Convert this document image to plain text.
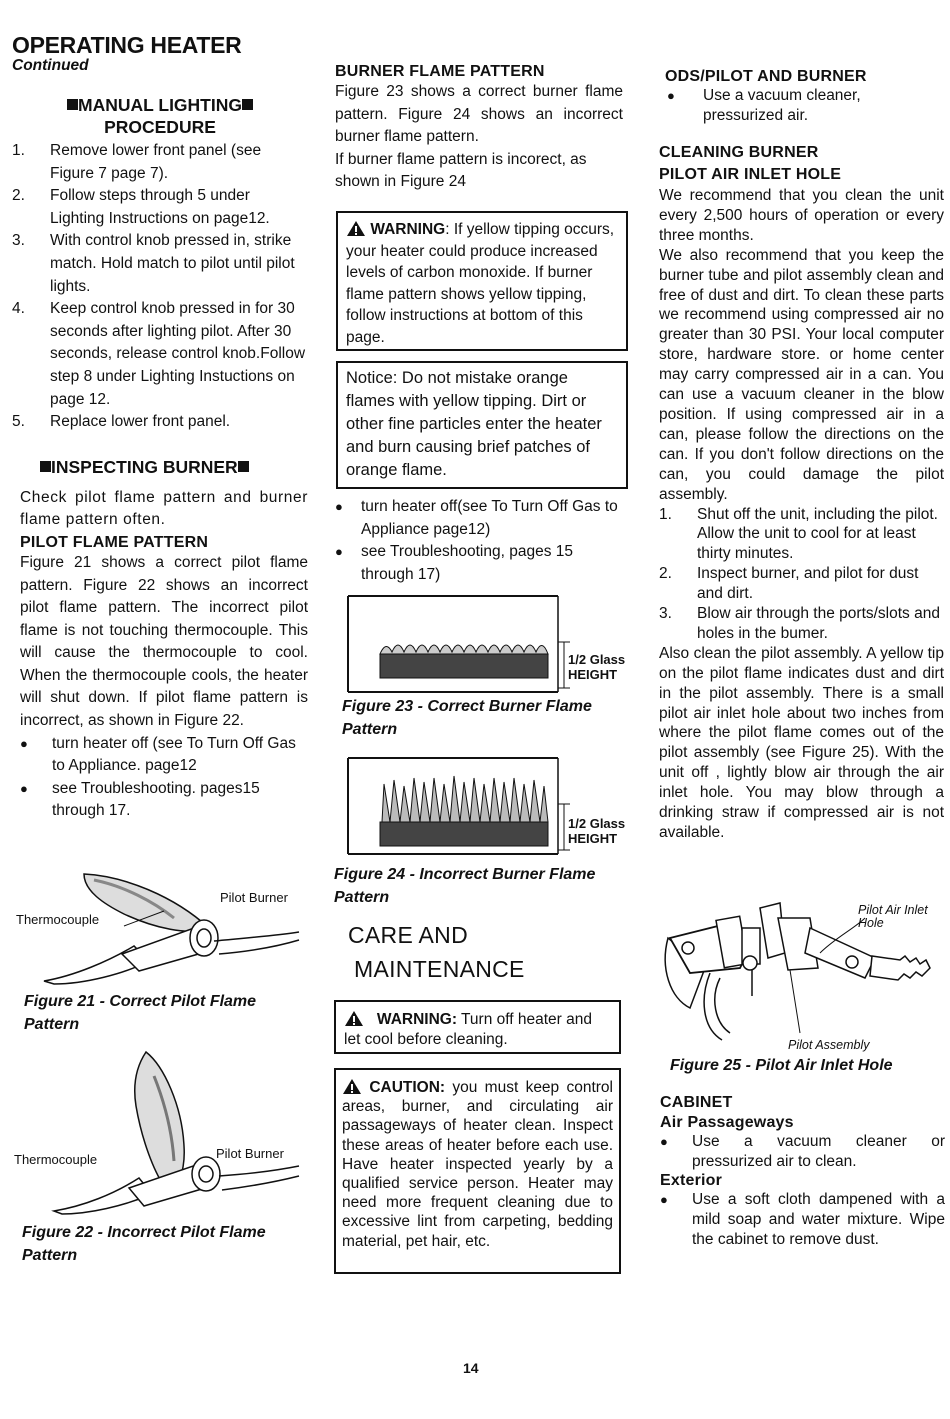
OPERATING HEATER
Continued
MANUAL LIGHTING
PROCEDURE
1.	Remove lower front panel (see Figure 7 page 7).
2.	Follow steps through 5 under Lighting Instructions on page12.
3.	With control knob pressed in, strike match. Hold match to pilot until pilot lights.
4.	Keep control knob pressed in for 30 seconds after lighting pilot. After 30 seconds, release control knob.Follow step 8 under Lighting Instuctions on page 12.
5.	Replace lower front panel.
INSPECTING BURNER

Check pilot flame pattern and burner flame pattern often.

PILOT FLAME PATTERN

Figure 21 shows a correct pilot flame pattern. Figure 22 shows an incorrect pilot flame pattern. The incorrect pilot flame is not touching thermocouple. This will cause the thermocouple to cool. When the thermocouple cools, the heater will shut down. If pilot flame pattern is incorrect, as shown in Figure 22.

●	turn heater off (see To Turn Off Gas to Appliance. page12
●	see Troubleshooting. pages15 through 17.
Pilot Burner
Thermocouple
Figure 21 - Correct Pilot Flame Pattern
Pilot Burner
Thermocouple
Figure 22 - Incorrect Pilot Flame Pattern
BURNER FLAME PATTERN

Figure 23 shows a correct burner flame pattern. Figure 24 shows an incorrect burner flame pattern.

If burner flame pattern is incorect, as shown in Figure 24

WARNING: If yellow tipping occurs, your heater could produce increased levels of carbon monoxide. If burner flame pattern shows yellow tipping, follow instructions at bottom of this page.
Notice: Do not mistake orange flames with yellow tipping. Dirt or other fine particles enter the heater and burn causing brief patches of orange flame.
●	turn heater off(see To Turn Off Gas to Appliance page12)
●	see Troubleshooting, pages 15 through 17)
1/2 Glass
HEIGHT
Figure 23 - Correct Burner Flame Pattern
1/2 Glass
HEIGHT
Figure 24 - Incorrect Burner Flame Pattern
CARE AND
MAINTENANCE
WARNING: Turn off heater and let cool before cleaning.
CAUTION: you must keep control areas, burner, and circulating air passageways of heater clean. Inspect these areas of heater before each use. Have heater inspected yearly by a qualified service person. Heater may need more frequent cleaning due to excessive lint from carpeting, bedding material, pet hair, etc.
ODS/PILOT AND BURNER
●	Use a vacuum cleaner, pressurized air.
CLEANING BURNER
PILOT AIR INLET HOLE

We recommend that you clean the unit every 2,500 hours of operation or every three months.

We also recommend that you keep the burner tube and pilot assembly clean and free of dust and dirt. To clean these parts we recommend using compressed air no greater than 30 PSI. Your local computer store, hardware store. or home center may carry compressed air in a can. You can use a vacuum cleaner in the blow position. If using compressed air in a can, please follow the directions on the can. If you don't follow directions on the can, you could damage the pilot assembly.

1.	Shut off the unit, including the pilot. Allow the unit to cool for at least thirty minutes.
2.	Inspect burner, and pilot for dust and dirt.
3.	Blow air through the ports/slots and holes in the bumer.

Also clean the pilot assembly. A yellow tip on the pilot flame indicates dust and dirt in the pilot assembly. There is a small pilot air inlet hole about two inches from where the pilot flame comes out of the pilot assembly (see Figure 25). With the unit off , lightly blow air through the air inlet hole. You may blow through a drinking straw if compressed air is not available.

Pilot Air Inlet
Hole
Pilot Assembly
Figure 25 - Pilot Air Inlet Hole
CABINET
Air Passageways
●	Use a vacuum cleaner or pressurized air to clean.
Exterior
●	Use a soft cloth dampened with a mild soap and water mixture. Wipe the cabinet to remove dust.
14
